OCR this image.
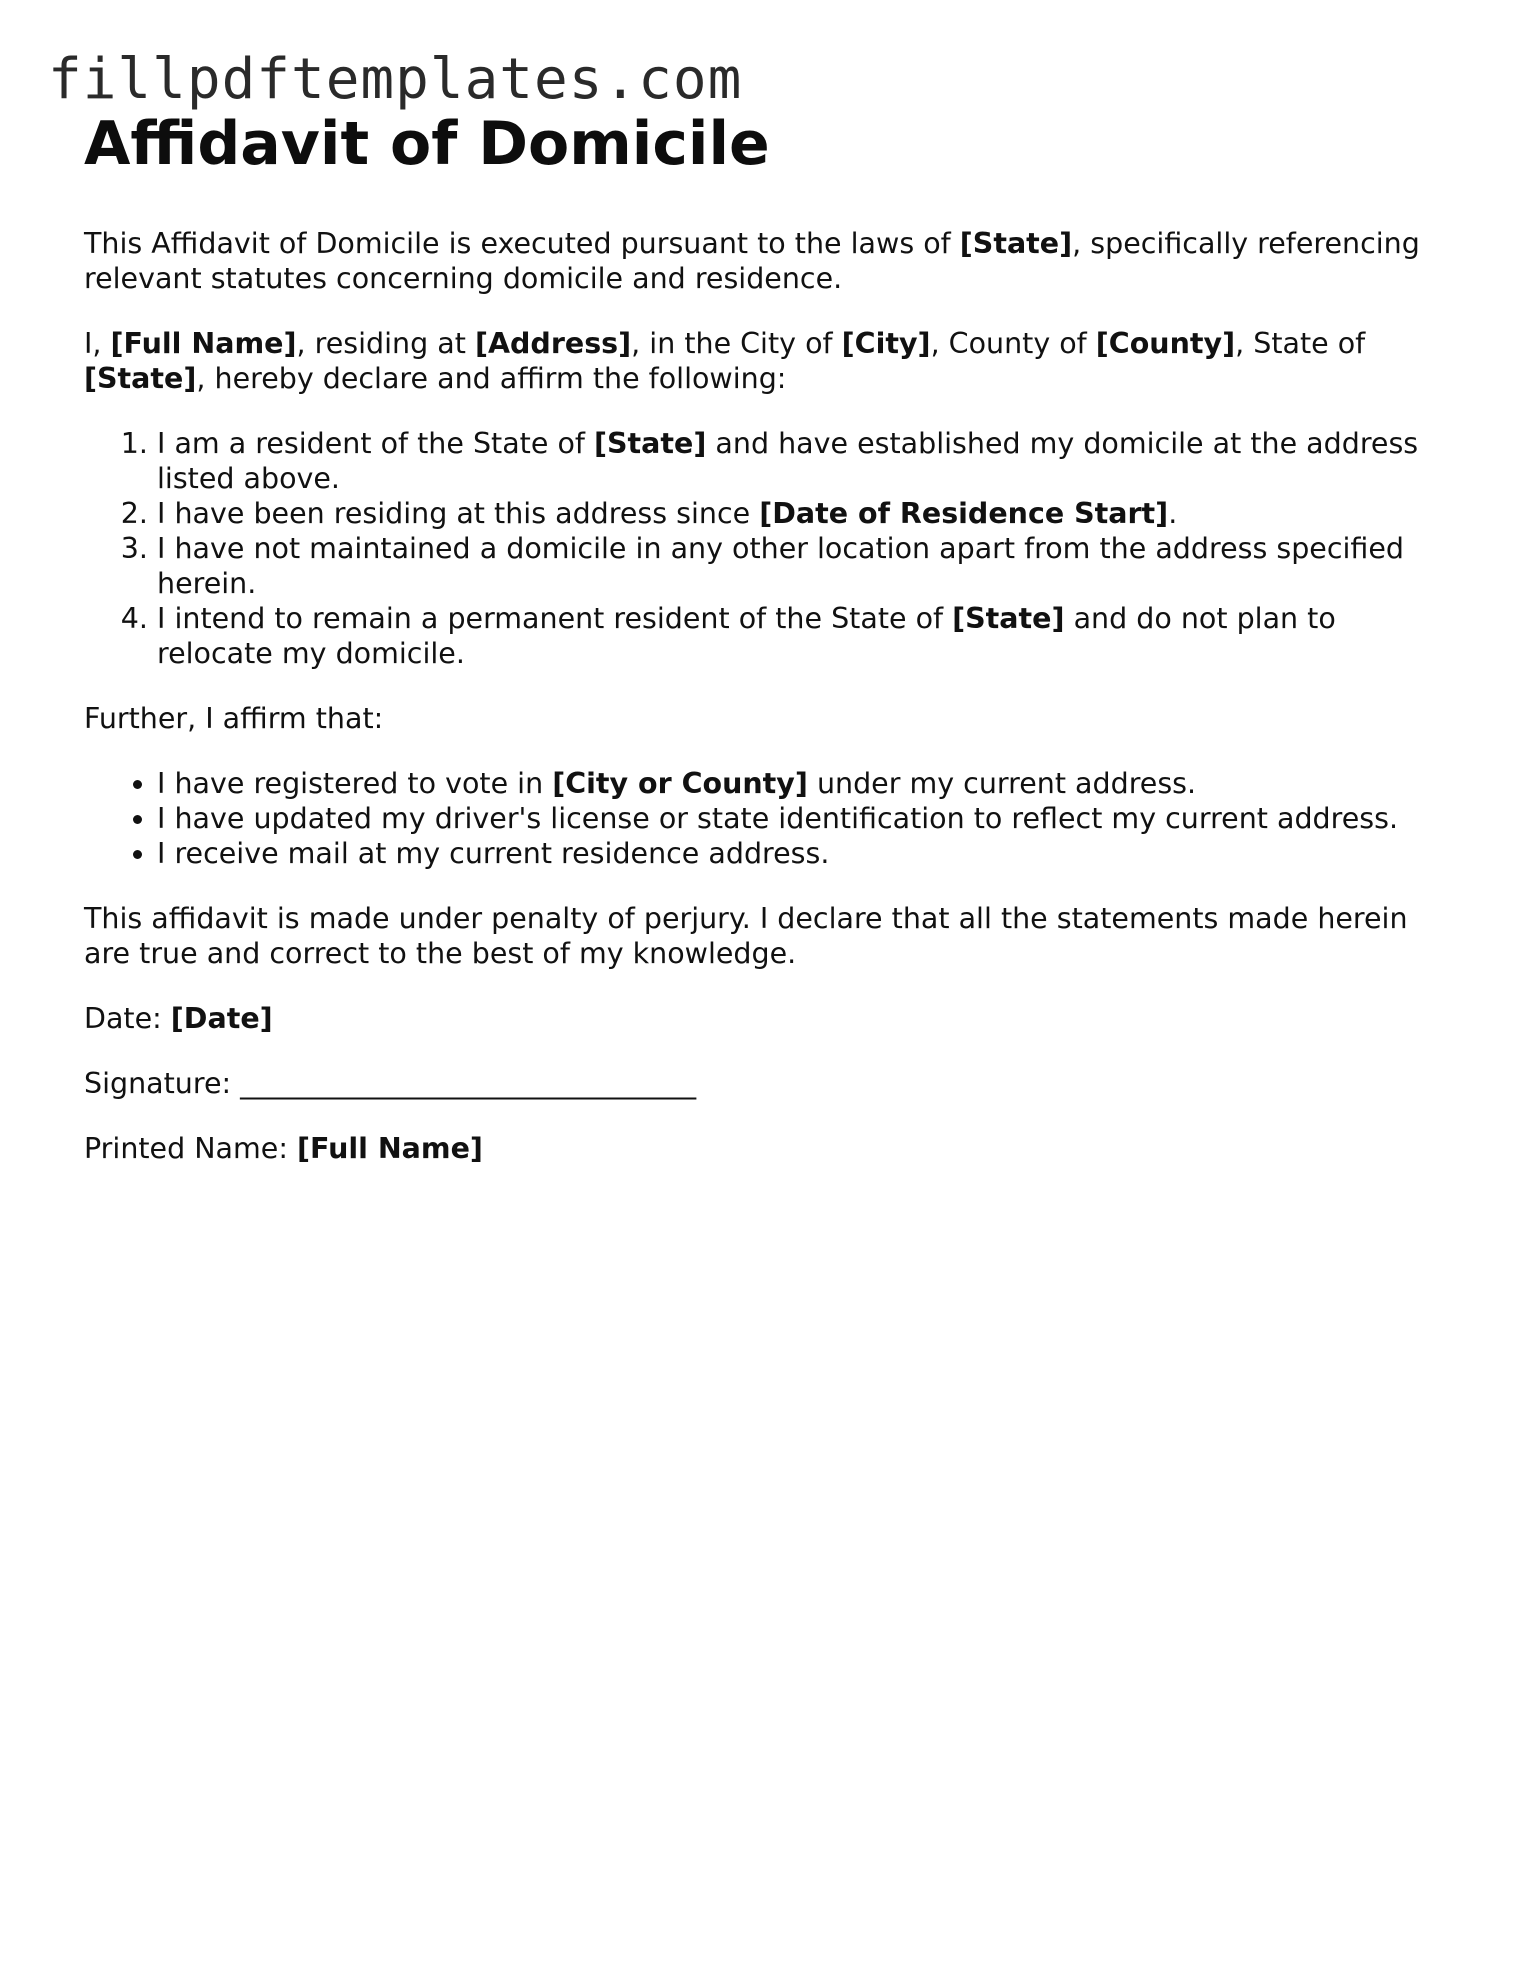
fillpdftemplates.com
Affidavit of Domicile

This Affidavit of Domicile is executed pursuant to the laws of [State], specifically referencing relevant statutes concerning domicile and residence.

I, [Full Name], residing at [Address], in the City of [City], County of [County], State of [State], hereby declare and affirm the following:

1. I am a resident of the State of [State] and have established my domicile at the address listed above.
2. I have been residing at this address since [Date of Residence Start].
3. I have not maintained a domicile in any other location apart from the address specified herein.
4. I intend to remain a permanent resident of the State of [State] and do not plan to relocate my domicile.

Further, I affirm that:

• I have registered to vote in [City or County] under my current address.
• I have updated my driver's license or state identification to reflect my current address.
• I receive mail at my current residence address.

This affidavit is made under penalty of perjury. I declare that all the statements made herein are true and correct to the best of my knowledge.

Date: [Date]

Signature: ________________________________

Printed Name: [Full Name]
